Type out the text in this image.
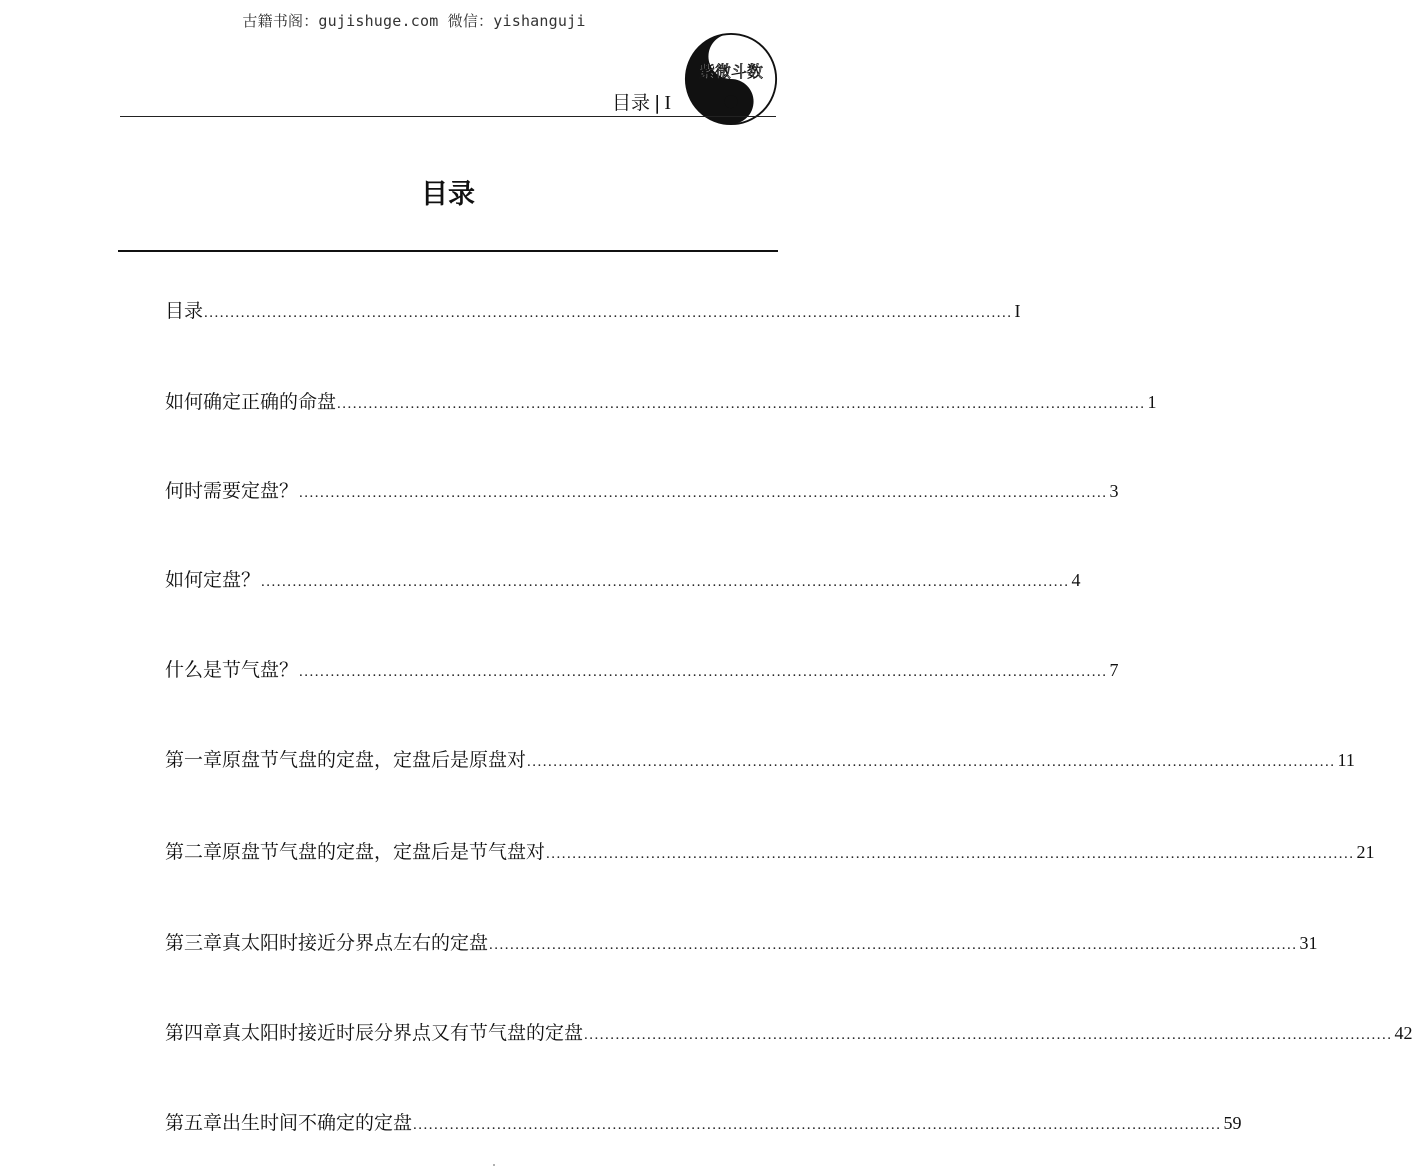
古籍书阁：gujishuge.com 微信：yishanguji
目录 | I
紫微斗数
目录
目录 .......................................................................................................................................................... I
如何确定正确的命盘 .......................................................................................................................................................... 1
何时需要定盘？ .......................................................................................................................................................... 3
如何定盘？ .......................................................................................................................................................... 4
什么是节气盘？ .......................................................................................................................................................... 7
第一章 原盘节气盘的定盘，定盘后是原盘对 .......................................................................................................................................................... 11
第二章 原盘节气盘的定盘，定盘后是节气盘对 .......................................................................................................................................................... 21
第三章 真太阳时接近分界点左右的定盘 .......................................................................................................................................................... 31
第四章 真太阳时接近时辰分界点又有节气盘的定盘 .......................................................................................................................................................... 42
第五章 出生时间不确定的定盘 .......................................................................................................................................................... 59
